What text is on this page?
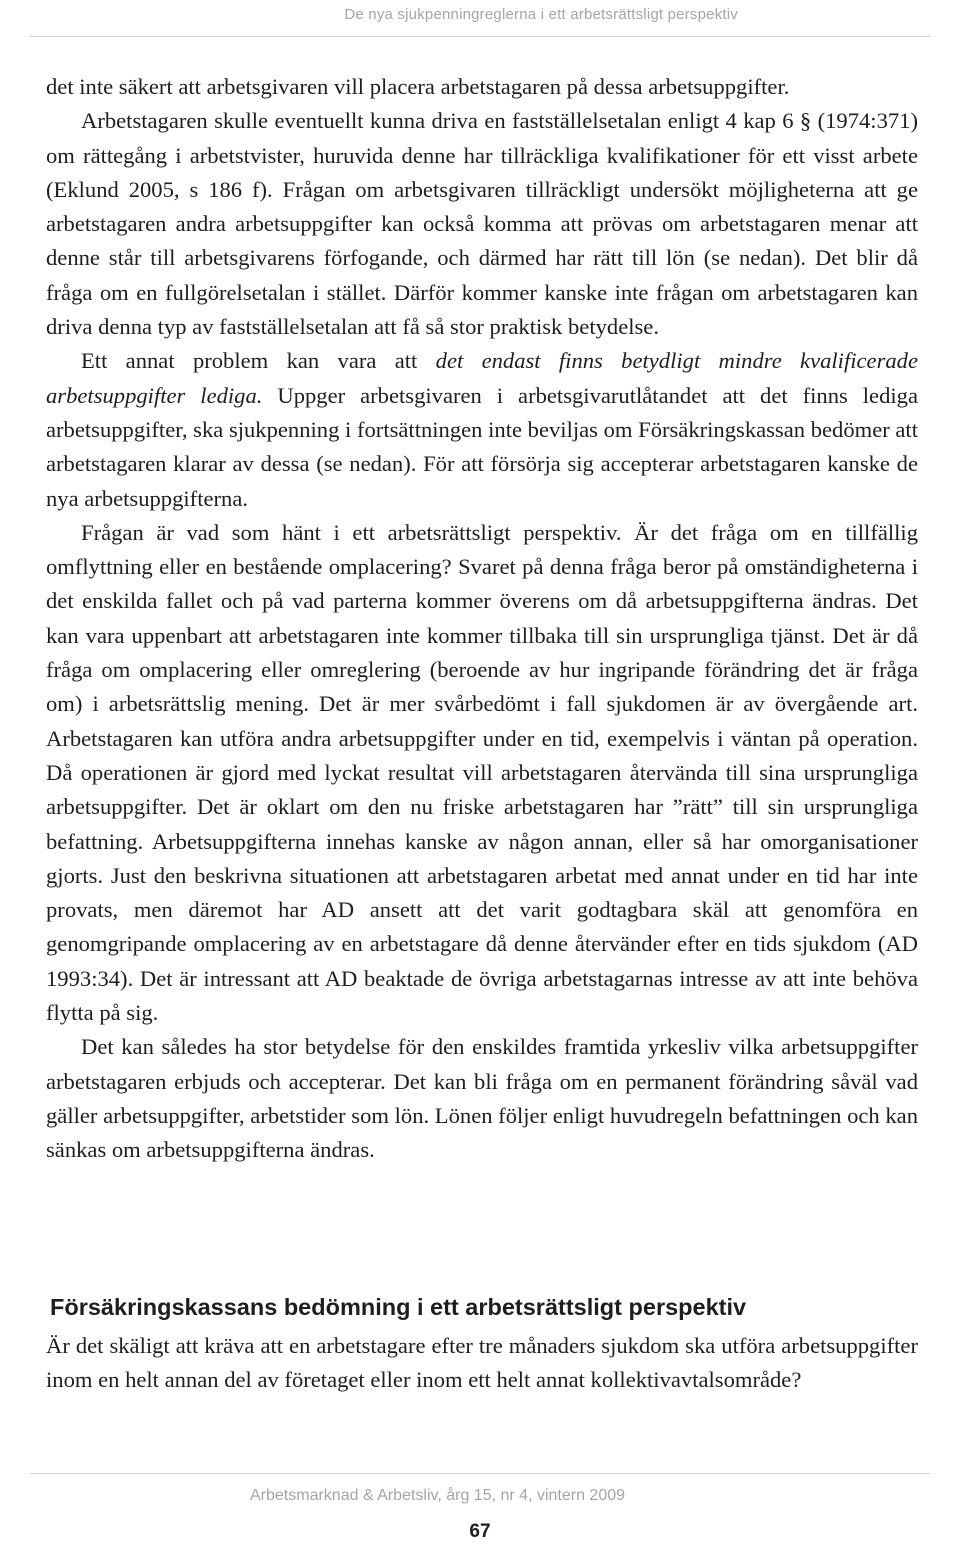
De nya sjukpenningreglerna i ett arbetsrättsligt perspektiv

det inte säkert att arbetsgivaren vill placera arbetstagaren på dessa arbetsuppgifter.

Arbetstagaren skulle eventuellt kunna driva en fastställelsetalan enligt 4 kap 6 § (1974:371) om rättegång i arbetstvister, huruvida denne har tillräckliga kvalifikationer för ett visst arbete (Eklund 2005, s 186 f). Frågan om arbetsgivaren tillräckligt undersökt möjligheterna att ge arbetstagaren andra arbetsuppgifter kan också komma att prövas om arbetstagaren menar att denne står till arbetsgivarens förfogande, och därmed har rätt till lön (se nedan). Det blir då fråga om en fullgörelsetalan i stället. Därför kommer kanske inte frågan om arbetstagaren kan driva denna typ av fastställelsetalan att få så stor praktisk betydelse.

Ett annat problem kan vara att det endast finns betydligt mindre kvalificerade arbetsuppgifter lediga. Uppger arbetsgivaren i arbetsgivarutlåtandet att det finns lediga arbetsuppgifter, ska sjukpenning i fortsättningen inte beviljas om Försäkringskassan bedömer att arbetstagaren klarar av dessa (se nedan). För att försörja sig accepterar arbetstagaren kanske de nya arbetsuppgifterna.

Frågan är vad som hänt i ett arbetsrättsligt perspektiv. Är det fråga om en tillfällig omflyttning eller en bestående omplacering? Svaret på denna fråga beror på omständigheterna i det enskilda fallet och på vad parterna kommer överens om då arbetsuppgifterna ändras. Det kan vara uppenbart att arbetstagaren inte kommer tillbaka till sin ursprungliga tjänst. Det är då fråga om omplacering eller omreglering (beroende av hur ingripande förändring det är fråga om) i arbetsrättslig mening. Det är mer svårbedömt i fall sjukdomen är av övergående art. Arbetstagaren kan utföra andra arbetsuppgifter under en tid, exempelvis i väntan på operation. Då operationen är gjord med lyckat resultat vill arbetstagaren återvända till sina ursprungliga arbetsuppgifter. Det är oklart om den nu friske arbetstagaren har ”rätt” till sin ursprungliga befattning. Arbetsuppgifterna innehas kanske av någon annan, eller så har omorganisationer gjorts. Just den beskrivna situationen att arbetstagaren arbetat med annat under en tid har inte provats, men däremot har AD ansett att det varit godtagbara skäl att genomföra en genomgripande omplacering av en arbetstagare då denne återvänder efter en tids sjukdom (AD 1993:34). Det är intressant att AD beaktade de övriga arbetstagarnas intresse av att inte behöva flytta på sig.

Det kan således ha stor betydelse för den enskildes framtida yrkesliv vilka arbetsuppgifter arbetstagaren erbjuds och accepterar. Det kan bli fråga om en permanent förändring såväl vad gäller arbetsuppgifter, arbetstider som lön. Lönen följer enligt huvudregeln befattningen och kan sänkas om arbetsuppgifterna ändras.

Försäkringskassans bedömning i ett arbetsrättsligt perspektiv

Är det skäligt att kräva att en arbetstagare efter tre månaders sjukdom ska utföra arbetsuppgifter inom en helt annan del av företaget eller inom ett helt annat kollektivavtalsområde?

Arbetsmarknad & Arbetsliv, årg 15, nr 4, vintern 2009
67
